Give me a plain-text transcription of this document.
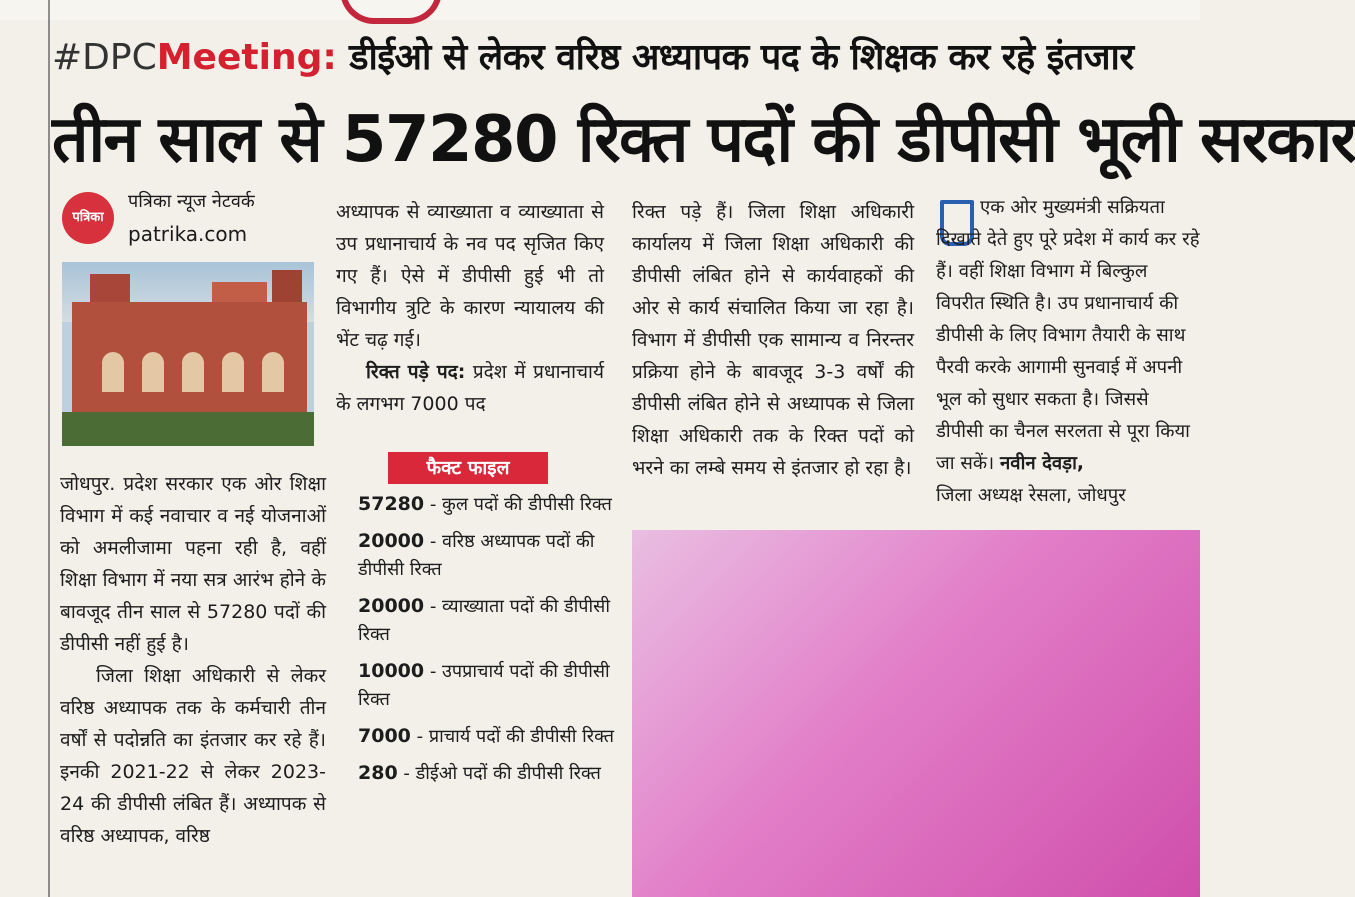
#DPCMeeting: डीईओ से लेकर वरिष्ठ अध्यापक पद के शिक्षक कर रहे इंतजार
तीन साल से 57280 रिक्त पदों की डीपीसी भूली सरकार
पत्रिका
पत्रिका न्यूज नेटवर्क
patrika.com
जोधपुर. प्रदेश सरकार एक ओर शिक्षा विभाग में कई नवाचार व नई योजनाओं को अमलीजामा पहना रही है, वहीं शिक्षा विभाग में नया सत्र आरंभ होने के बावजूद तीन साल से 57280 पदों की डीपीसी नहीं हुई है।
जिला शिक्षा अधिकारी से लेकर वरिष्ठ अध्यापक तक के कर्मचारी तीन वर्षों से पदोन्नति का इंतजार कर रहे हैं। इनकी 2021-22 से लेकर 2023-24 की डीपीसी लंबित हैं। अध्यापक से वरिष्ठ अध्यापक, वरिष्ठ
अध्यापक से व्याख्याता व व्याख्याता से उप प्रधानाचार्य के नव पद सृजित किए गए हैं। ऐसे में डीपीसी हुई भी तो विभागीय त्रुटि के कारण न्यायालय की भेंट चढ़ गई।
रिक्त पड़े पद: प्रदेश में प्रधानाचार्य के लगभग 7000 पद
फैक्ट फाइल
57280 - कुल पदों की डीपीसी रिक्त
20000 - वरिष्ठ अध्यापक पदों की डीपीसी रिक्त
20000 - व्याख्याता पदों की डीपीसी रिक्त
10000 - उपप्राचार्य पदों की डीपीसी रिक्त
7000 - प्राचार्य पदों की डीपीसी रिक्त
280 - डीईओ पदों की डीपीसी रिक्त
रिक्त पड़े हैं। जिला शिक्षा अधिकारी कार्यालय में जिला शिक्षा अधिकारी की डीपीसी लंबित होने से कार्यवाहकों की ओर से कार्य संचालित किया जा रहा है। विभाग में डीपीसी एक सामान्य व निरन्तर प्रक्रिया होने के बावजूद 3-3 वर्षों की डीपीसी लंबित होने से अध्यापक से जिला शिक्षा अधिकारी तक के रिक्त पदों को भरने का लम्बे समय से इंतजार हो रहा है।
एक ओर मुख्यमंत्री सक्रियता दिखाते देते हुए पूरे प्रदेश में कार्य कर रहे हैं। वहीं शिक्षा विभाग में बिल्कुल विपरीत स्थिति है। उप प्रधानाचार्य की डीपीसी के लिए विभाग तैयारी के साथ पैरवी करके आगामी सुनवाई में अपनी भूल को सुधार सकता है। जिससे डीपीसी का चैनल सरलता से पूरा किया जा सकें। नवीन देवड़ा,
जिला अध्यक्ष रेसला, जोधपुर
